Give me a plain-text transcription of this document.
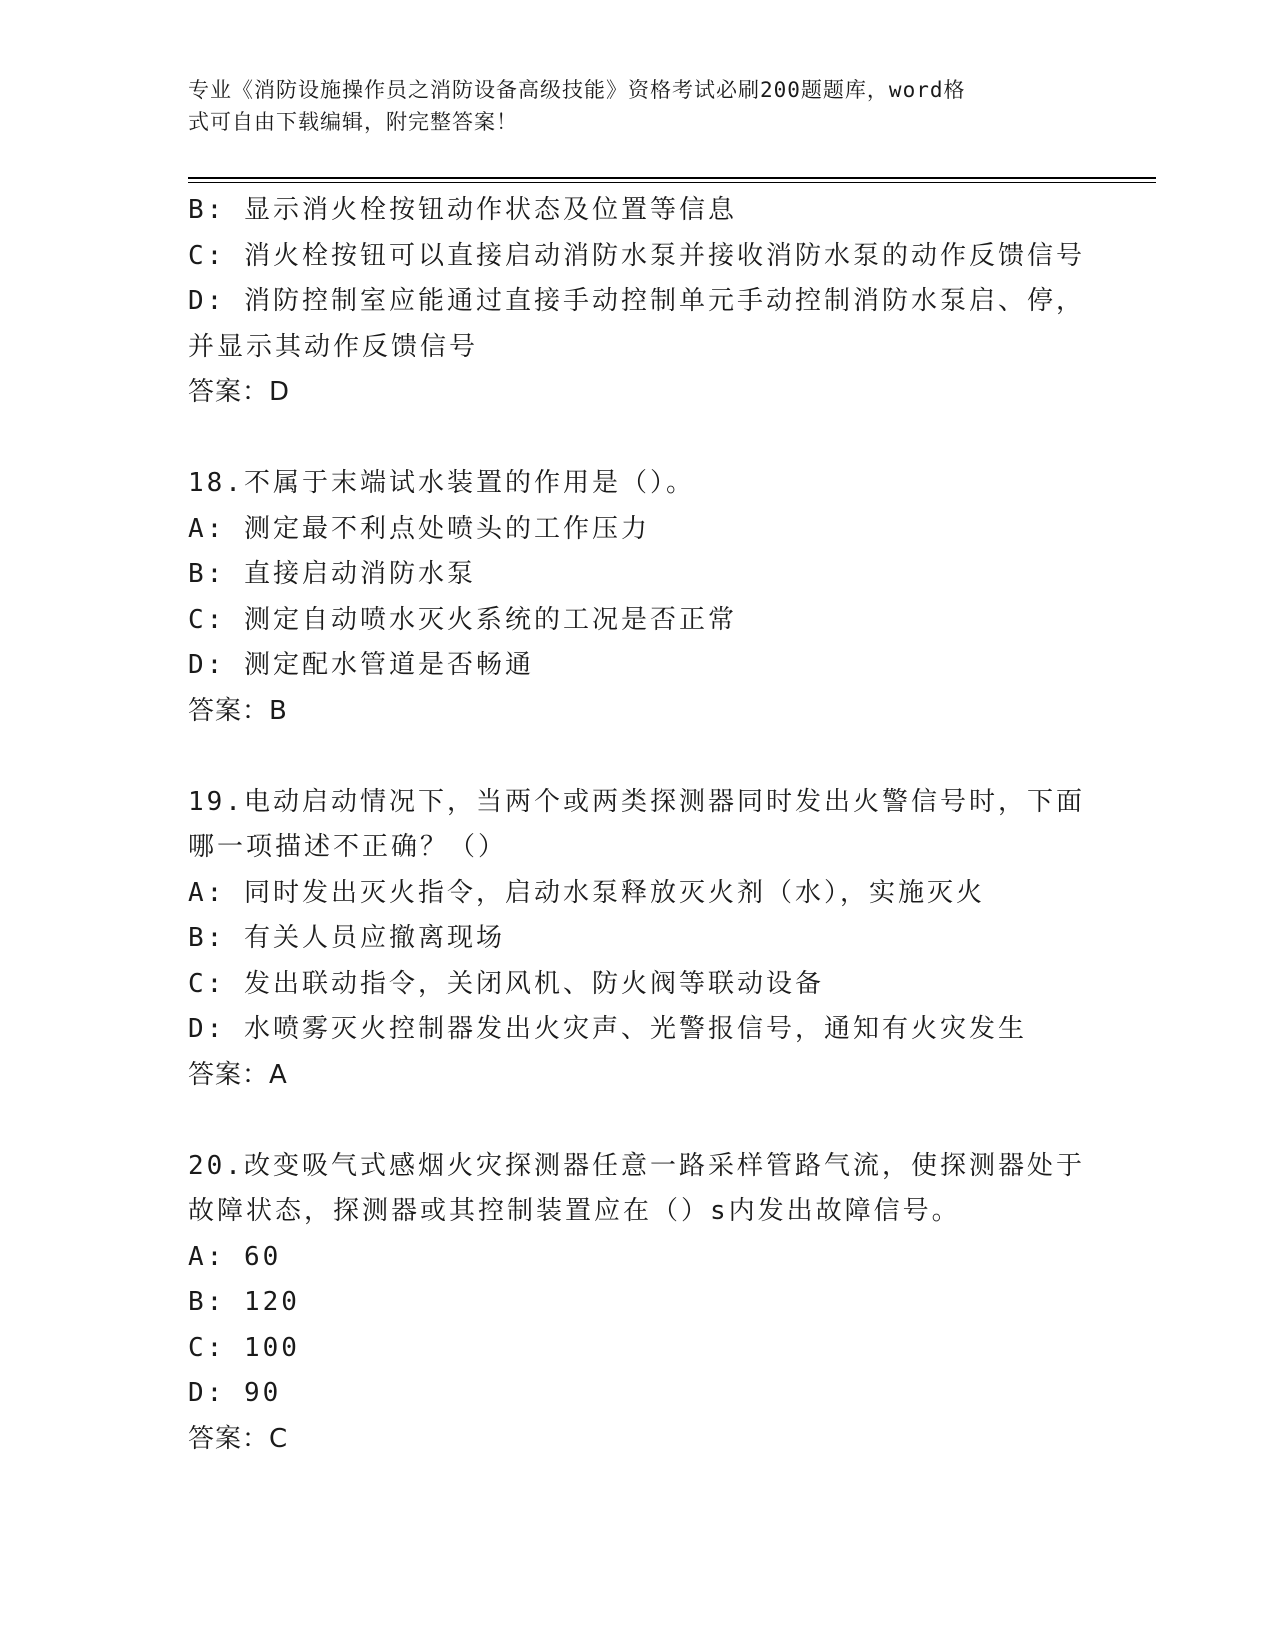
专业《消防设施操作员之消防设备高级技能》资格考试必刷200题题库，word格
式可自由下载编辑，附完整答案！
B: 显示消火栓按钮动作状态及位置等信息
C: 消火栓按钮可以直接启动消防水泵并接收消防水泵的动作反馈信号
D: 消防控制室应能通过直接手动控制单元手动控制消防水泵启、停，
并显示其动作反馈信号
答案：D
18.不属于末端试水装置的作用是（）。
A: 测定最不利点处喷头的工作压力
B: 直接启动消防水泵
C: 测定自动喷水灭火系统的工况是否正常
D: 测定配水管道是否畅通
答案：B
19.电动启动情况下，当两个或两类探测器同时发出火警信号时，下面
哪一项描述不正确？（）
A: 同时发出灭火指令，启动水泵释放灭火剂（水），实施灭火
B: 有关人员应撤离现场
C: 发出联动指令，关闭风机、防火阀等联动设备
D: 水喷雾灭火控制器发出火灾声、光警报信号，通知有火灾发生
答案：A
20.改变吸气式感烟火灾探测器任意一路采样管路气流，使探测器处于
故障状态，探测器或其控制装置应在（）s内发出故障信号。
A: 60
B: 120
C: 100
D: 90
答案：C
